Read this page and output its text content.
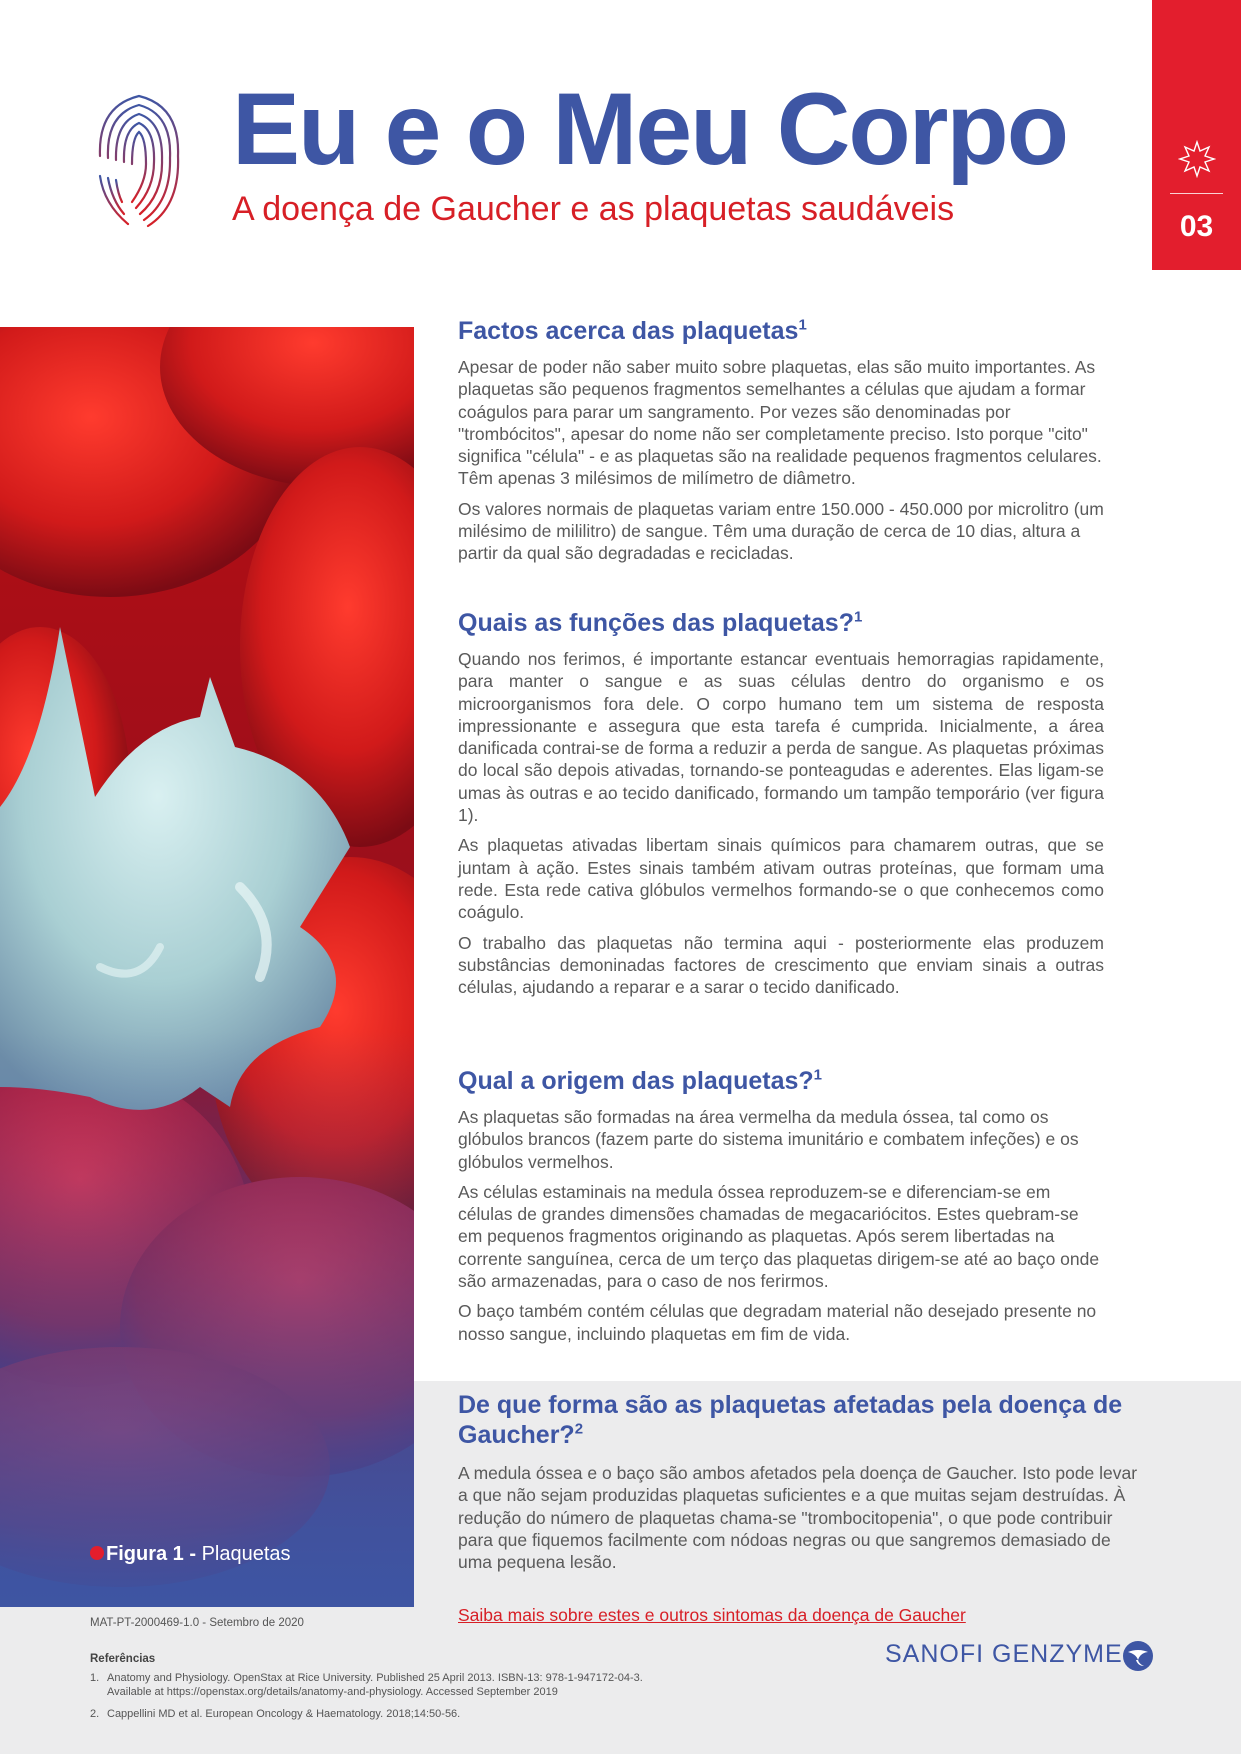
Eu e o Meu Corpo

A doença de Gaucher e as plaquetas saudáveis	03
Figura 1 - Plaquetas
Factos acerca das plaquetas$^1$

Apesar de poder não saber muito sobre plaquetas, elas são muito importantes. As plaquetas são pequenos fragmentos semelhantes a células que ajudam a formar coágulos para parar um sangramento. Por vezes são denominadas por "trombócitos", apesar do nome não ser completamente preciso. Isto porque "cito" significa "célula" - e as plaquetas são na realidade pequenos fragmentos celulares. Têm apenas 3 milésimos de milímetro de diâmetro.

Os valores normais de plaquetas variam entre 150.000 - 450.000 por microlitro (um milésimo de mililitro) de sangue. Têm uma duração de cerca de 10 dias, altura a partir da qual são degradadas e recicladas.

Quais as funções das plaquetas?$^1$

Quando nos ferimos, é importante estancar eventuais hemorragias rapidamente, para manter o sangue e as suas células dentro do organismo e os microorganismos fora dele. O corpo humano tem um sistema de resposta impressionante e assegura que esta tarefa é cumprida. Inicialmente, a área danificada contrai-se de forma a reduzir a perda de sangue. As plaquetas próximas do local são depois ativadas, tornando-se ponteagudas e aderentes. Elas ligam-se umas às outras e ao tecido danificado, formando um tampão temporário (ver figura 1).

As plaquetas ativadas libertam sinais químicos para chamarem outras, que se juntam à ação. Estes sinais também ativam outras proteínas, que formam uma rede. Esta rede cativa glóbulos vermelhos formando-se o que conhecemos como coágulo.

O trabalho das plaquetas não termina aqui - posteriormente elas produzem substâncias demoninadas factores de crescimento que enviam sinais a outras células, ajudando a reparar e a sarar o tecido danificado.

Qual a origem das plaquetas?$^1$

As plaquetas são formadas na área vermelha da medula óssea, tal como os glóbulos brancos (fazem parte do sistema imunitário e combatem infeções) e os glóbulos vermelhos.

As células estaminais na medula óssea reproduzem-se e diferenciam-se em células de grandes dimensões chamadas de megacariócitos. Estes quebram-se em pequenos fragmentos originando as plaquetas. Após serem libertadas na corrente sanguínea, cerca de um terço das plaquetas dirigem-se até ao baço onde são armazenadas, para o caso de nos ferirmos.

O baço também contém células que degradam material não desejado presente no nosso sangue, incluindo plaquetas em fim de vida.

De que forma são as plaquetas afetadas pela doença de Gaucher?$^2$

A medula óssea e o baço são ambos afetados pela doença de Gaucher. Isto pode levar a que não sejam produzidas plaquetas suficientes e a que muitas sejam destruídas. À redução do número de plaquetas chama-se "trombocitopenia", o que pode contribuir para que fiquemos facilmente com nódoas negras ou que sangremos demasiado de uma pequena lesão.

Saiba mais sobre estes e outros sintomas da doença de Gaucher
MAT-PT-2000469-1.0 - Setembro de 2020
Referências
1. Anatomy and Physiology. OpenStax at Rice University. Published 25 April 2013. ISBN-13: 978-1-947172-04-3.
Available at https://openstax.org/details/anatomy-and-physiology. Accessed September 2019
2. Cappellini MD et al. European Oncology & Haematology. 2018;14:50-56.
SANOFI GENZYME
